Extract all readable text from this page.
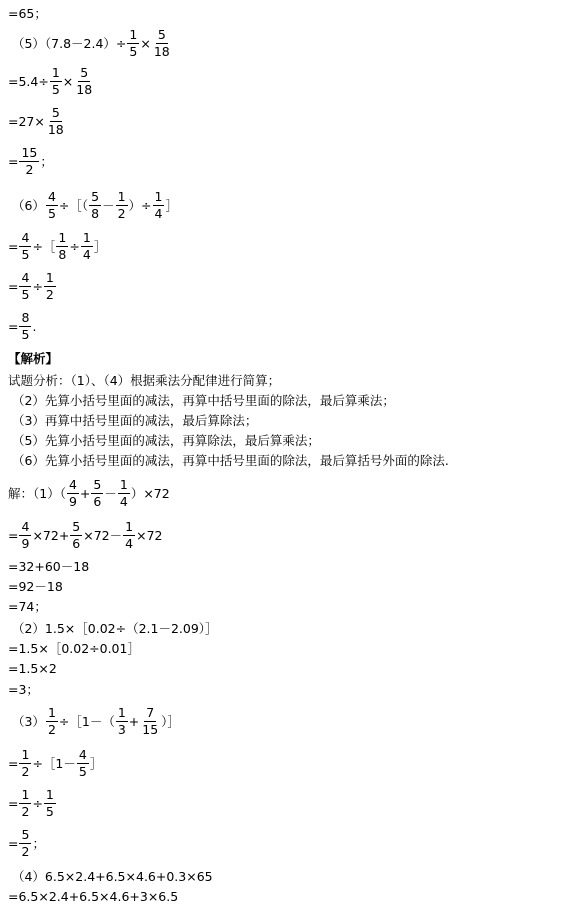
=65；
$(5)(7.8-2.4)\div \frac{1}{5} \times \frac{5}{18}$
$=5.4\div \frac{1}{5} \times \frac{5}{18}$
$=27\times \frac{5}{18}$
= $\frac{15}{2}$ ；
$(6) \frac{4}{5}$ ÷［（ $\frac{5}{8} - \frac{1}{2}$ ）÷ $\frac{1}{4}$ ］
= $\frac{4}{5}$ ÷［ $\frac{1}{8} \div \frac{1}{4}$ ］
= $\frac{4}{5} \div \frac{1}{2}$
= $\frac{8}{5}$ .
【解析】
试题分析：（1）、（4）根据乘法分配律进行简算；
（2）先算小括号里面的减法，再算中括号里面的除法，最后算乘法；
（3）再算中括号里面的减法，最后算除法；
（5）先算小括号里面的减法，再算除法，最后算乘法；
（6）先算小括号里面的减法，再算中括号里面的除法，最后算括号外面的除法.
解：$(1)( \frac{4}{9} + \frac{5}{6} - \frac{1}{4} )\times 72$
= $\frac{4}{9} \times 72+ \frac{5}{6} \times 72- \frac{1}{4} \times 72$
=32+60－18
=92－18
=74；
（2）1.5×［0.02÷（2.1－2.09）］
=1.5×［0.02÷0.01］
=1.5×2
=3；
$(3) \frac{1}{2}$ ÷［1－（ $\frac{1}{3} + \frac{7}{15}$ ）］
= $\frac{1}{2}$ ÷［1－ $\frac{4}{5}$ ］
= $\frac{1}{2} \div \frac{1}{5}$
= $\frac{5}{2}$ ；
（4）6.5×2.4+6.5×4.6+0.3×65
=6.5×2.4+6.5×4.6+3×6.5
